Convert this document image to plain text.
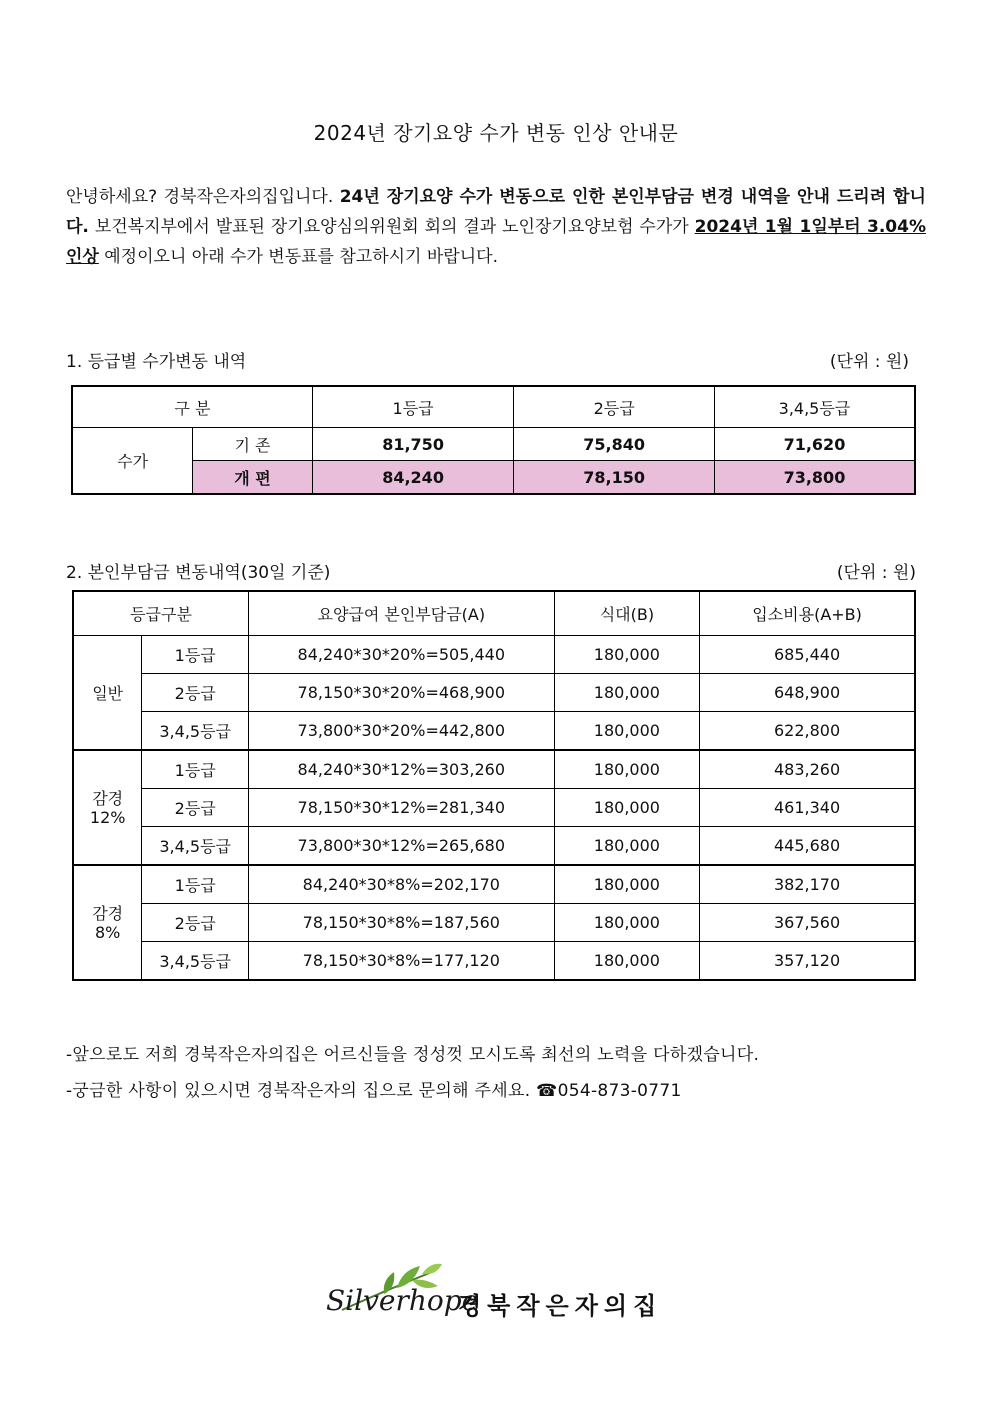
2024년 장기요양 수가 변동 인상 안내문
안녕하세요? 경북작은자의집입니다. 24년 장기요양 수가 변동으로 인한 본인부담금 변경 내역을 안내 드리려 합니다. 보건복지부에서 발표된 장기요양심의위원회 회의 결과 노인장기요양보험 수가가 2024년 1월 1일부터 3.04% 인상 예정이오니 아래 수가 변동표를 참고하시기 바랍니다.
1. 등급별 수가변동 내역	(단위 : 원)
구 분		1등급	2등급	3,4,5등급
수가	기 존	81,750	75,840	71,620
	개 편	84,240	78,150	73,800
2. 본인부담금 변동내역(30일 기준)	(단위 : 원)
등급구분		요양급여 본인부담금(A)	식대(B)	입소비용(A+B)
일반	1등급	84,240*30*20%=505,440	180,000	685,440
	2등급	78,150*30*20%=468,900	180,000	648,900
	3,4,5등급	73,800*30*20%=442,800	180,000	622,800
감경
12%	1등급	84,240*30*12%=303,260	180,000	483,260
	2등급	78,150*30*12%=281,340	180,000	461,340
	3,4,5등급	73,800*30*12%=265,680	180,000	445,680
감경
8%	1등급	84,240*30*8%=202,170	180,000	382,170
	2등급	78,150*30*8%=187,560	180,000	367,560
	3,4,5등급	78,150*30*8%=177,120	180,000	357,120
-앞으로도 저희 경북작은자의집은 어르신들을 정성껏 모시도록 최선의 노력을 다하겠습니다.
-궁금한 사항이 있으시면 경북작은자의 집으로 문의해 주세요. ☎054-873-0771
Silverhope
경북작은자의집
